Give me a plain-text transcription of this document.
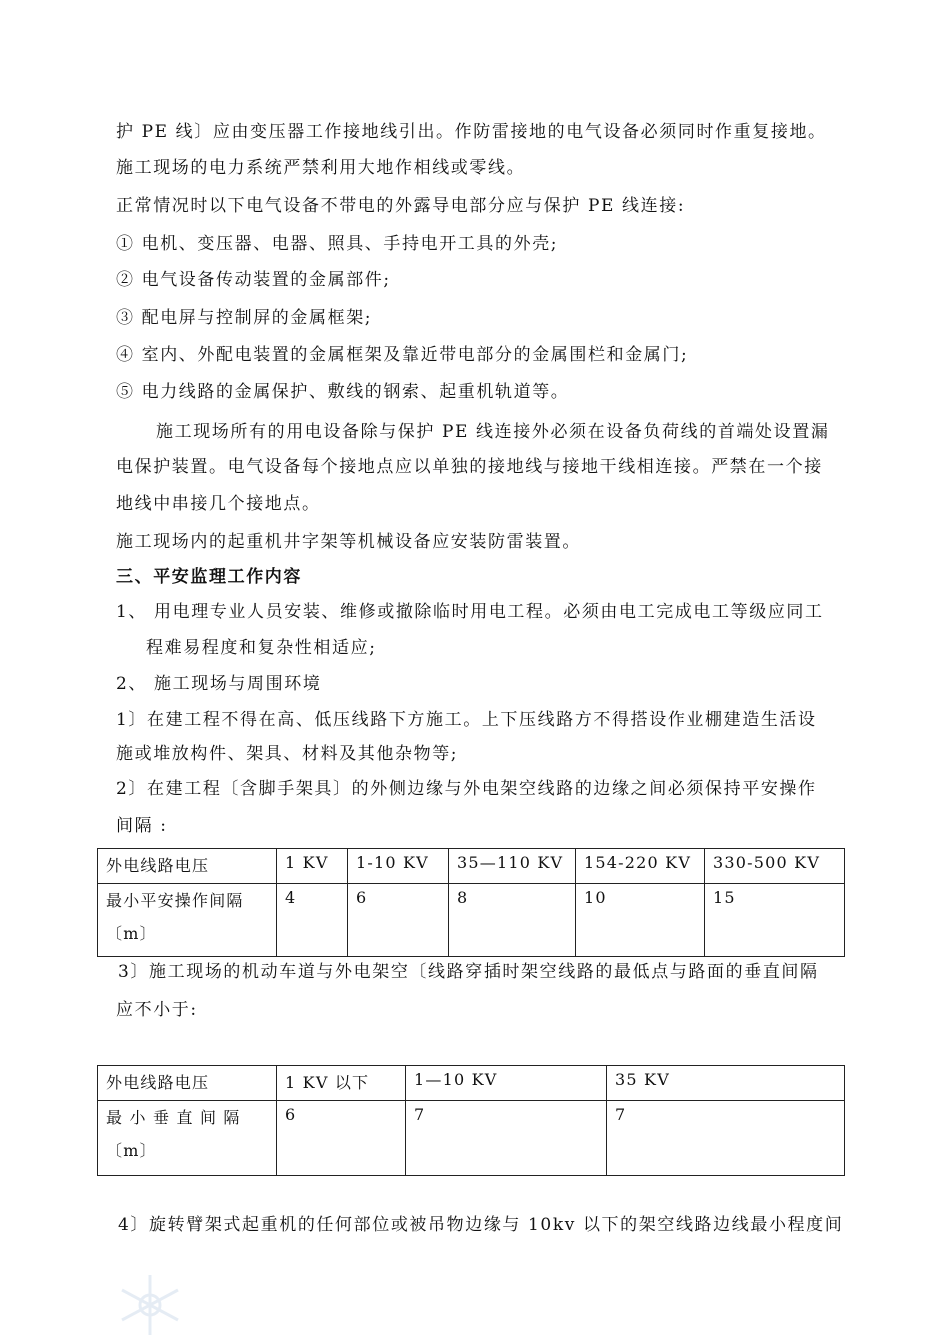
护 PE 线〕应由变压器工作接地线引出。作防雷接地的电气设备必须同时作重复接地。
施工现场的电力系统严禁利用大地作相线或零线。
正常情况时以下电气设备不带电的外露导电部分应与保护 PE 线连接:
① 电机、变压器、电器、照具、手持电开工具的外壳;
② 电气设备传动装置的金属部件;
③ 配电屏与控制屏的金属框架;
④ 室内、外配电装置的金属框架及靠近带电部分的金属围栏和金属门;
⑤ 电力线路的金属保护、敷线的钢索、起重机轨道等。
施工现场所有的用电设备除与保护 PE 线连接外必须在设备负荷线的首端处设置漏
电保护装置。电气设备每个接地点应以单独的接地线与接地干线相连接。严禁在一个接
地线中串接几个接地点。
施工现场内的起重机井字架等机械设备应安装防雷装置。
三、平安监理工作内容
1、 用电理专业人员安装、维修或撤除临时用电工程。必须由电工完成电工等级应同工
程难易程度和复杂性相适应;
2、 施工现场与周围环境
1〕在建工程不得在高、低压线路下方施工。上下压线路方不得搭设作业棚建造生活设
施或堆放构件、架具、材料及其他杂物等;
2〕在建工程〔含脚手架具〕的外侧边缘与外电架空线路的边缘之间必须保持平安操作
间隔 :
外电线路电压	1 KV	1-10 KV	35—110 KV	154-220 KV	330-500 KV
最小平安操作间隔
〔m〕	4	6	8	10	15
3〕施工现场的机动车道与外电架空〔线路穿插时架空线路的最低点与路面的垂直间隔
应不小于:
外电线路电压	1 KV 以下	1—10 KV	35 KV
最 小 垂 直 间 隔
〔m〕	6	7	7
4〕旋转臂架式起重机的任何部位或被吊物边缘与 10kv 以下的架空线路边线最小程度间
